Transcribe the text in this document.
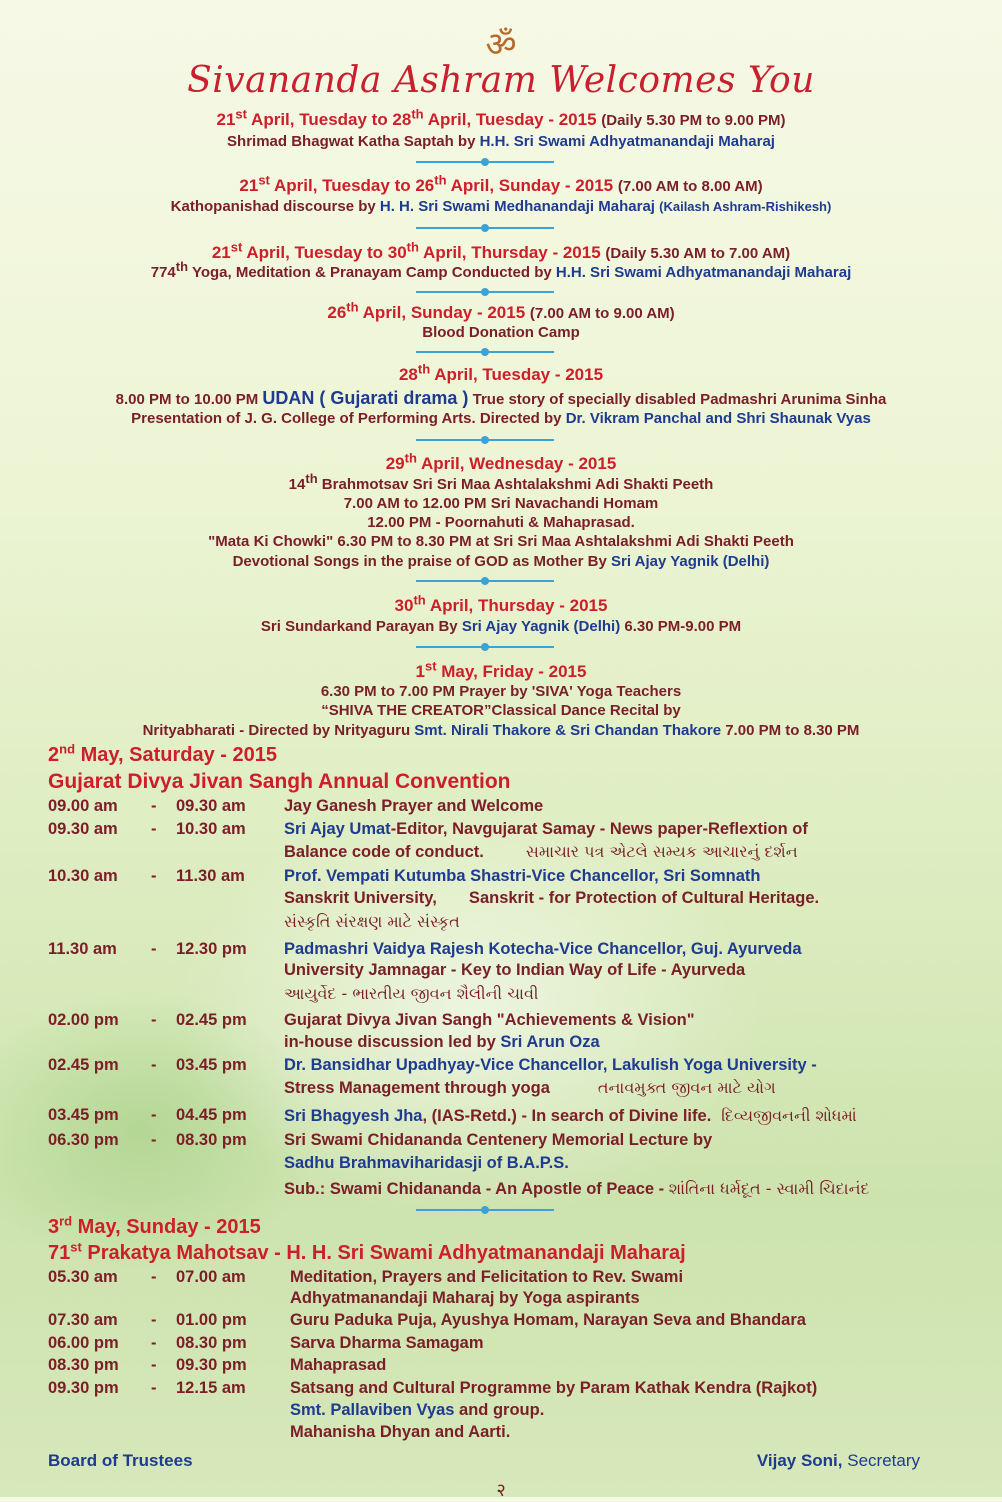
ॐ
Sivananda Ashram Welcomes You
21st April, Tuesday to 28th April, Tuesday - 2015 (Daily 5.30 PM to 9.00 PM)
Shrimad Bhagwat Katha Saptah by H.H. Sri Swami Adhyatmanandaji Maharaj
21st April, Tuesday to 26th April, Sunday - 2015 (7.00 AM to 8.00 AM)
Kathopanishad discourse by H. H. Sri Swami Medhanandaji Maharaj (Kailash Ashram-Rishikesh)
21st April, Tuesday to 30th April, Thursday - 2015 (Daily 5.30 AM to 7.00 AM)
774th Yoga, Meditation & Pranayam Camp Conducted by H.H. Sri Swami Adhyatmanandaji Maharaj
26th April, Sunday - 2015 (7.00 AM to 9.00 AM)
Blood Donation Camp
28th April, Tuesday - 2015
8.00 PM to 10.00 PM UDAN ( Gujarati drama ) True story of specially disabled Padmashri Arunima Sinha
Presentation of J. G. College of Performing Arts. Directed by Dr. Vikram Panchal and Shri Shaunak Vyas
29th April, Wednesday - 2015
14th Brahmotsav Sri Sri Maa Ashtalakshmi Adi Shakti Peeth
7.00 AM to 12.00 PM Sri Navachandi Homam
12.00 PM - Poornahuti & Mahaprasad.
"Mata Ki Chowki" 6.30 PM to 8.30 PM at Sri Sri Maa Ashtalakshmi Adi Shakti Peeth
Devotional Songs in the praise of GOD as Mother By Sri Ajay Yagnik (Delhi)
30th April, Thursday - 2015
Sri Sundarkand Parayan By Sri Ajay Yagnik (Delhi) 6.30 PM-9.00 PM
1st May, Friday - 2015
6.30 PM to 7.00 PM Prayer by 'SIVA' Yoga Teachers
“SHIVA THE CREATOR”Classical Dance Recital by
Nrityabharati - Directed by Nrityaguru Smt. Nirali Thakore & Sri Chandan Thakore 7.00 PM to 8.30 PM
2nd May, Saturday - 2015
Gujarat Divya Jivan Sangh Annual Convention
09.00 am	- 09.30 am	Jay Ganesh Prayer and Welcome
09.30 am	- 10.30 am	Sri Ajay Umat-Editor, Navgujarat Samay - News paper-Reflextion of
Balance code of conduct.	સમાચાર પત્ર એટલે સમ્યક આચારનું દર્શન
10.30 am	- 11.30 am	Prof. Vempati Kutumba Shastri-Vice Chancellor, Sri Somnath
Sanskrit University,       Sanskrit - for Protection of Cultural Heritage.
સંસ્કૃતિ સંરક્ષણ માટે સંસ્કૃત
11.30 am	- 12.30 pm	Padmashri Vaidya Rajesh Kotecha-Vice Chancellor, Guj. Ayurveda
University Jamnagar - Key to Indian Way of Life - Ayurveda
આયુર્વેદ - ભારતીય જીવન શૈલીની ચાવી
02.00 pm	- 02.45 pm	Gujarat Divya Jivan Sangh "Achievements & Vision"
in-house discussion led by Sri Arun Oza
02.45 pm	- 03.45 pm	Dr. Bansidhar Upadhyay-Vice Chancellor, Lakulish Yoga University -
Stress Management through yoga	તનાવમુક્ત જીવન માટે યોગ
03.45 pm	- 04.45 pm	Sri Bhagyesh Jha, (IAS-Retd.) - In search of Divine life. દિવ્યજીવનની શોધમાં
06.30 pm	- 08.30 pm	Sri Swami Chidananda Centenery Memorial Lecture by
Sadhu Brahmaviharidasji of B.A.P.S.
Sub.: Swami Chidananda - An Apostle of Peace - શાંતિના ધર્મદૂત - સ્વામી ચિદાનંદ
3rd May, Sunday - 2015
71st Prakatya Mahotsav - H. H. Sri Swami Adhyatmanandaji Maharaj
05.30 am	- 07.00 am	Meditation, Prayers and Felicitation to Rev. Swami
Adhyatmanandaji Maharaj by Yoga aspirants
07.30 am	- 01.00 pm	Guru Paduka Puja, Ayushya Homam, Narayan Seva and Bhandara
06.00 pm	- 08.30 pm	Sarva Dharma Samagam
08.30 pm	- 09.30 pm	Mahaprasad
09.30 pm	- 12.15 am	Satsang and Cultural Programme by Param Kathak Kendra (Rajkot)
Smt. Pallaviben Vyas and group.
Mahanisha Dhyan and Aarti.
Board of Trustees	Vijay Soni, Secretary
२
